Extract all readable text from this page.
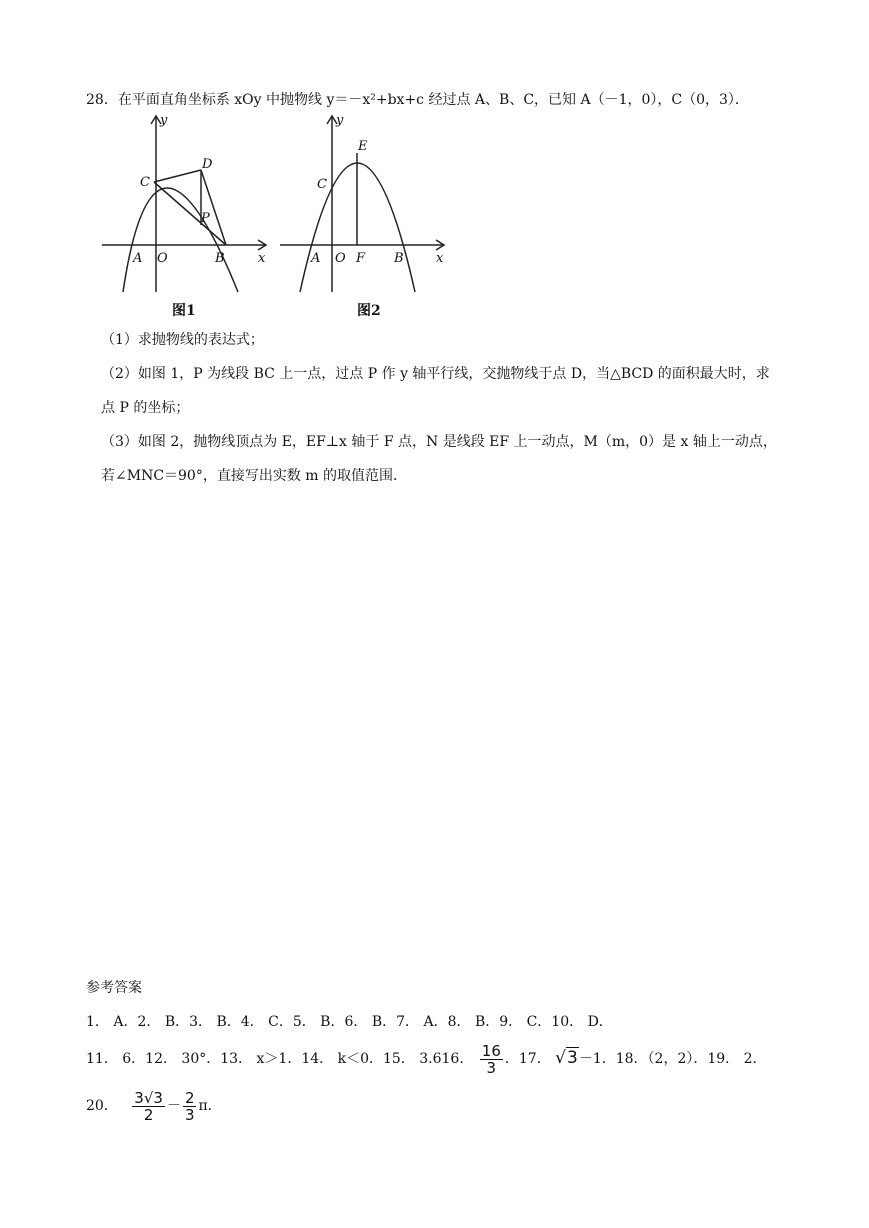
28．在平面直角坐标系 xOy 中抛物线 y＝－x²+bx+c 经过点 A、B、C，已知 A（－1，0），C（0，3）．
y
x
A O	B
C
D
P
图1
y
x
A O F B
C
E
图2
（1）求抛物线的表达式；
（2）如图 1，P 为线段 BC 上一点，过点 P 作 y 轴平行线，交抛物线于点 D，当△BCD 的面积最大时，求
点 P 的坐标；
（3）如图 2，抛物线顶点为 E，EF⊥x 轴于 F 点，N 是线段 EF 上一动点，M（m，0）是 x 轴上一动点，
若∠MNC＝90°，直接写出实数 m 的取值范围．
参考答案
1． A．2． B．3． B．4． C．5． B．6． B．7． A．8． B．9． C．10． D．
11． 6．12． 30°．13． x＞1．14． k＜0．15． 3.616． $\frac{16}{3}$ ．17． √3－1．18．（2，2）．19． 2．
20． $\frac{3√3}{2} - \frac{2}{3}$ π．
